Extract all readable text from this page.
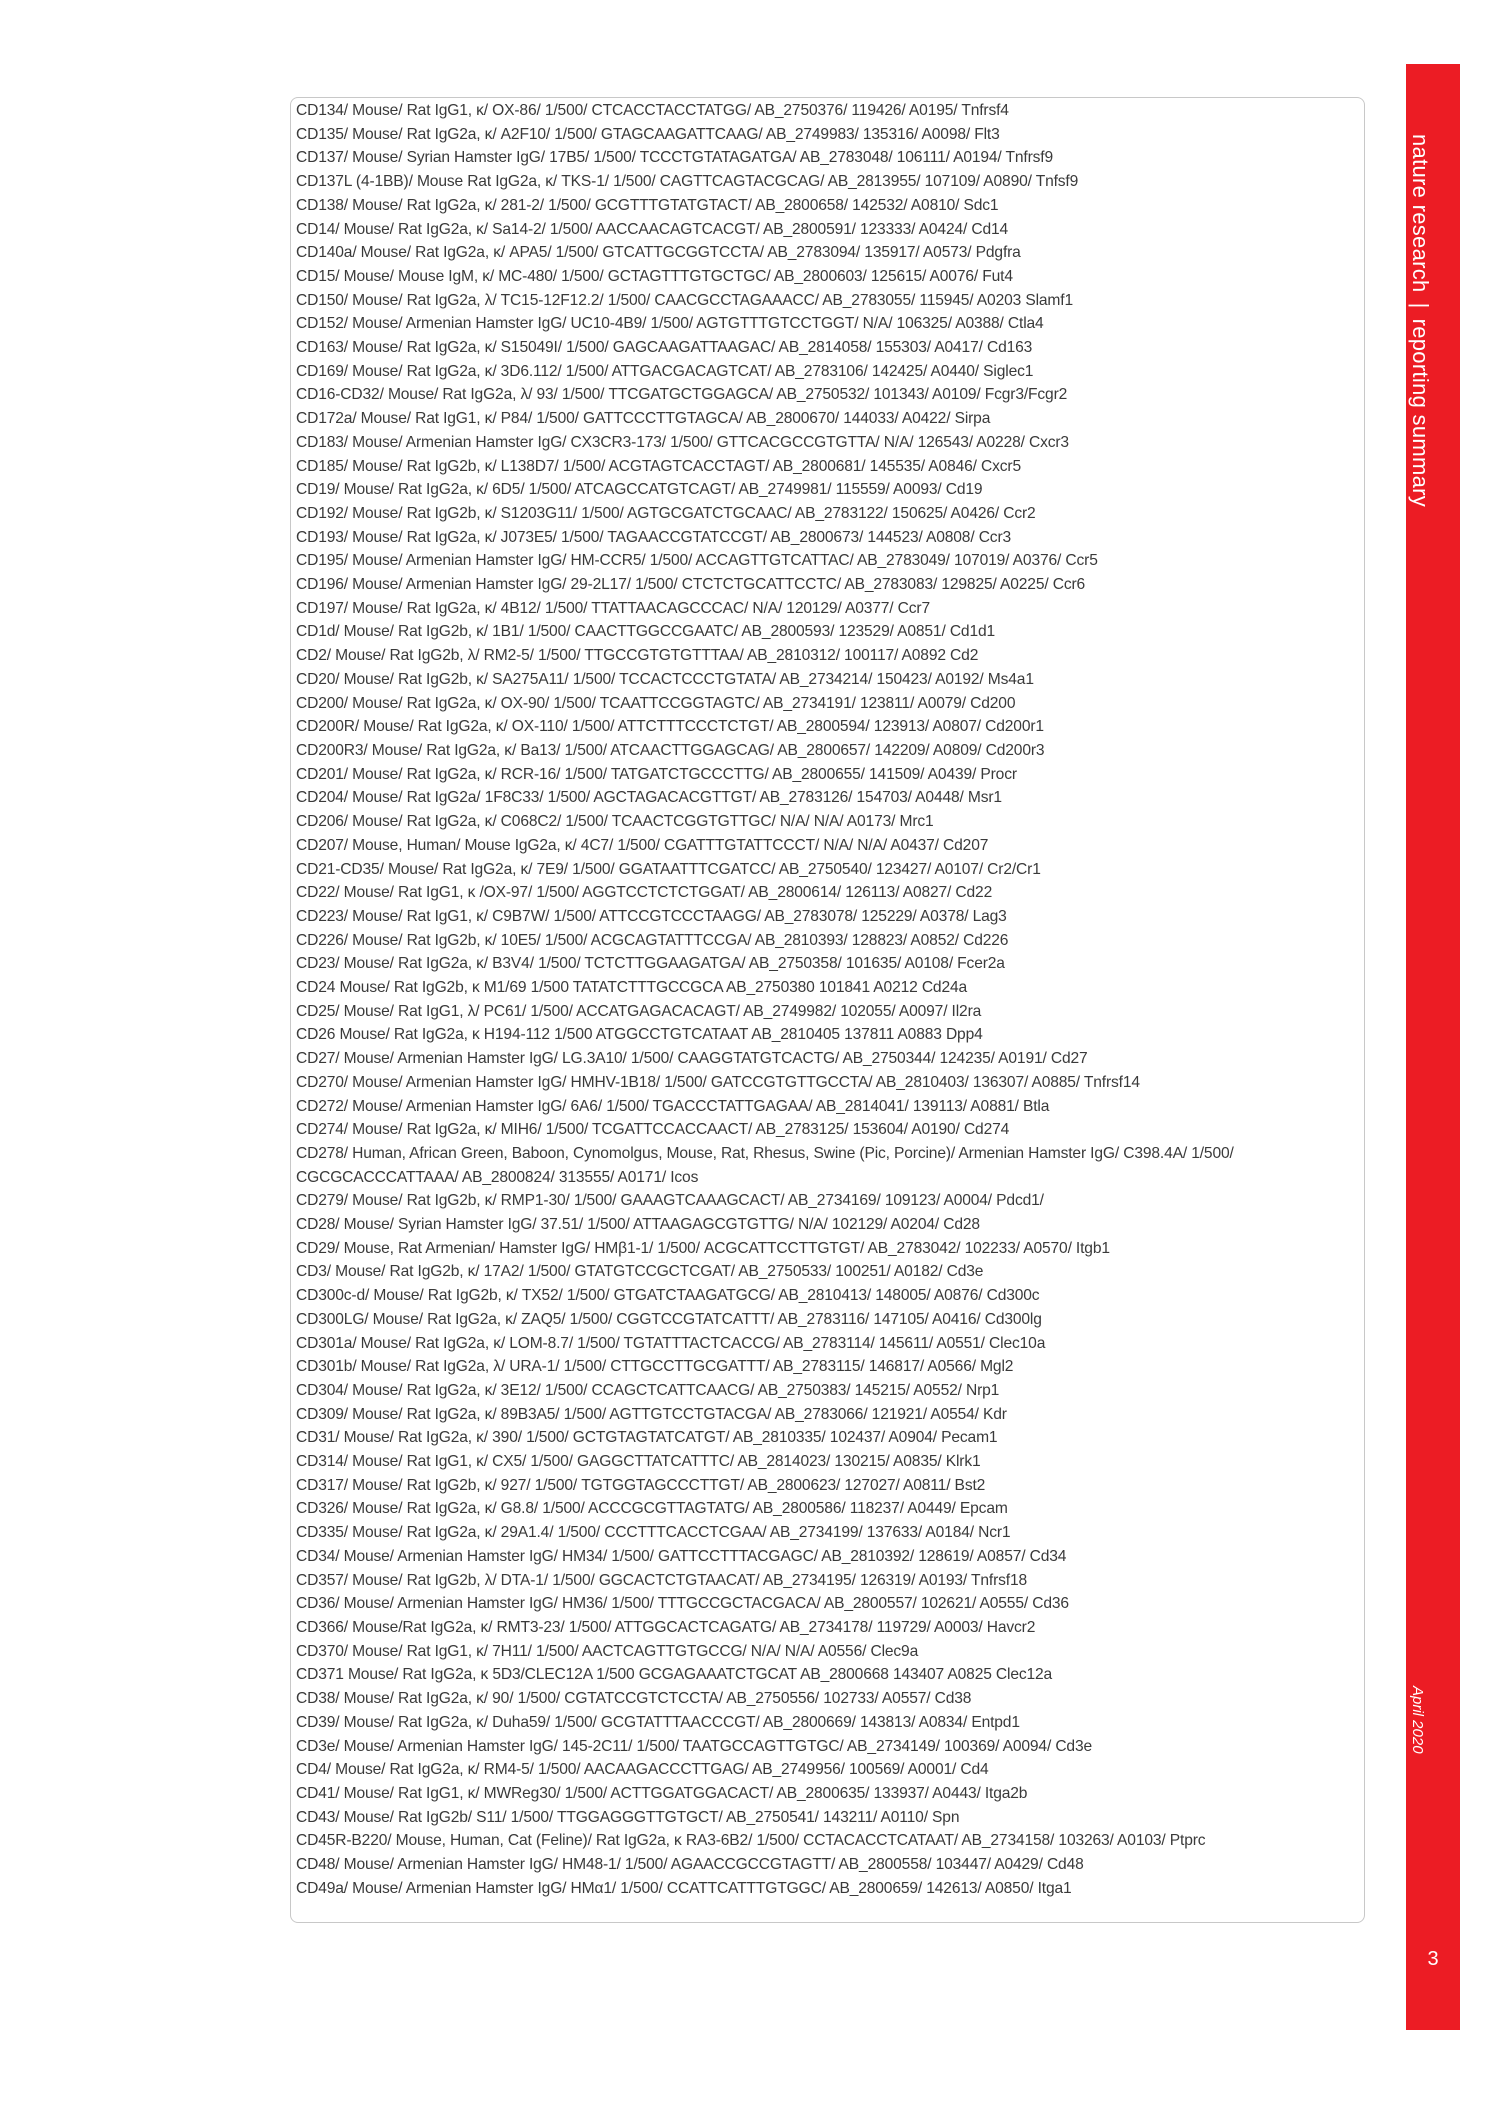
CD134/ Mouse/ Rat IgG1, κ/ OX-86/ 1/500/ CTCACCTACCTATGG/ AB_2750376/ 119426/ A0195/ Tnfrsf4
CD135/ Mouse/ Rat IgG2a, κ/ A2F10/ 1/500/ GTAGCAAGATTCAAG/ AB_2749983/ 135316/ A0098/ Flt3
CD137/ Mouse/ Syrian Hamster IgG/ 17B5/ 1/500/ TCCCTGTATAGATGA/ AB_2783048/ 106111/ A0194/ Tnfrsf9
CD137L (4-1BB)/ Mouse Rat IgG2a, κ/ TKS-1/ 1/500/ CAGTTCAGTACGCAG/ AB_2813955/ 107109/ A0890/ Tnfsf9
CD138/ Mouse/ Rat IgG2a, κ/ 281-2/ 1/500/ GCGTTTGTATGTACT/ AB_2800658/ 142532/ A0810/ Sdc1
CD14/ Mouse/ Rat IgG2a, κ/ Sa14-2/ 1/500/ AACCAACAGTCACGT/ AB_2800591/ 123333/ A0424/ Cd14
CD140a/ Mouse/ Rat IgG2a, κ/ APA5/ 1/500/ GTCATTGCGGTCCTA/ AB_2783094/ 135917/ A0573/ Pdgfra
CD15/ Mouse/ Mouse IgM, κ/ MC-480/ 1/500/ GCTAGTTTGTGCTGC/ AB_2800603/ 125615/ A0076/ Fut4
CD150/ Mouse/ Rat IgG2a, λ/ TC15-12F12.2/ 1/500/ CAACGCCTAGAAACC/ AB_2783055/ 115945/ A0203 Slamf1
CD152/ Mouse/ Armenian Hamster IgG/ UC10-4B9/ 1/500/ AGTGTTTGTCCTGGT/ N/A/ 106325/ A0388/ Ctla4
CD163/ Mouse/ Rat IgG2a, κ/ S15049I/ 1/500/ GAGCAAGATTAAGAC/ AB_2814058/ 155303/ A0417/ Cd163
CD169/ Mouse/ Rat IgG2a, κ/ 3D6.112/ 1/500/ ATTGACGACAGTCAT/ AB_2783106/ 142425/ A0440/ Siglec1
CD16-CD32/ Mouse/ Rat IgG2a, λ/ 93/ 1/500/ TTCGATGCTGGAGCA/ AB_2750532/ 101343/ A0109/ Fcgr3/Fcgr2
CD172a/ Mouse/ Rat IgG1, κ/ P84/ 1/500/ GATTCCCTTGTAGCA/ AB_2800670/ 144033/ A0422/ Sirpa
CD183/ Mouse/ Armenian Hamster IgG/ CX3CR3-173/ 1/500/ GTTCACGCCGTGTTA/ N/A/ 126543/ A0228/ Cxcr3
CD185/ Mouse/ Rat IgG2b, κ/ L138D7/ 1/500/ ACGTAGTCACCTAGT/ AB_2800681/ 145535/ A0846/ Cxcr5
CD19/ Mouse/ Rat IgG2a, κ/ 6D5/ 1/500/ ATCAGCCATGTCAGT/ AB_2749981/ 115559/ A0093/ Cd19
CD192/ Mouse/ Rat IgG2b, κ/ S1203G11/ 1/500/ AGTGCGATCTGCAAC/ AB_2783122/ 150625/ A0426/ Ccr2
CD193/ Mouse/ Rat IgG2a, κ/ J073E5/ 1/500/ TAGAACCGTATCCGT/ AB_2800673/ 144523/ A0808/ Ccr3
CD195/ Mouse/ Armenian Hamster IgG/ HM-CCR5/ 1/500/ ACCAGTTGTCATTAC/ AB_2783049/ 107019/ A0376/ Ccr5
CD196/ Mouse/ Armenian Hamster IgG/ 29-2L17/ 1/500/ CTCTCTGCATTCCTC/ AB_2783083/ 129825/ A0225/ Ccr6
CD197/ Mouse/ Rat IgG2a, κ/ 4B12/ 1/500/ TTATTAACAGCCCAC/ N/A/ 120129/ A0377/ Ccr7
CD1d/ Mouse/ Rat IgG2b, κ/ 1B1/ 1/500/ CAACTTGGCCGAATC/ AB_2800593/ 123529/ A0851/ Cd1d1
CD2/ Mouse/ Rat IgG2b, λ/ RM2-5/ 1/500/ TTGCCGTGTGTTTAA/ AB_2810312/ 100117/ A0892 Cd2
CD20/ Mouse/ Rat IgG2b, κ/ SA275A11/ 1/500/ TCCACTCCCTGTATA/ AB_2734214/ 150423/ A0192/ Ms4a1
CD200/ Mouse/ Rat IgG2a, κ/ OX-90/ 1/500/ TCAATTCCGGTAGTC/ AB_2734191/ 123811/ A0079/ Cd200
CD200R/ Mouse/ Rat IgG2a, κ/ OX-110/ 1/500/ ATTCTTTCCCTCTGT/ AB_2800594/ 123913/ A0807/ Cd200r1
CD200R3/ Mouse/ Rat IgG2a, κ/ Ba13/ 1/500/ ATCAACTTGGAGCAG/ AB_2800657/ 142209/ A0809/ Cd200r3
CD201/ Mouse/ Rat IgG2a, κ/ RCR-16/ 1/500/ TATGATCTGCCCTTG/ AB_2800655/ 141509/ A0439/ Procr
CD204/ Mouse/ Rat IgG2a/ 1F8C33/ 1/500/ AGCTAGACACGTTGT/ AB_2783126/ 154703/ A0448/ Msr1
CD206/ Mouse/ Rat IgG2a, κ/ C068C2/ 1/500/ TCAACTCGGTGTTGC/ N/A/ N/A/ A0173/ Mrc1
CD207/ Mouse, Human/ Mouse IgG2a, κ/ 4C7/ 1/500/ CGATTTGTATTCCCT/ N/A/ N/A/ A0437/ Cd207
CD21-CD35/ Mouse/ Rat IgG2a, κ/ 7E9/ 1/500/ GGATAATTTCGATCC/ AB_2750540/ 123427/ A0107/ Cr2/Cr1
CD22/ Mouse/ Rat IgG1, κ /OX-97/ 1/500/ AGGTCCTCTCTGGAT/ AB_2800614/ 126113/ A0827/ Cd22
CD223/ Mouse/ Rat IgG1, κ/ C9B7W/ 1/500/ ATTCCGTCCCTAAGG/ AB_2783078/ 125229/ A0378/ Lag3
CD226/ Mouse/ Rat IgG2b, κ/ 10E5/ 1/500/ ACGCAGTATTTCCGA/ AB_2810393/ 128823/ A0852/ Cd226
CD23/ Mouse/ Rat IgG2a, κ/ B3V4/ 1/500/ TCTCTTGGAAGATGA/ AB_2750358/ 101635/ A0108/ Fcer2a
CD24 Mouse/ Rat IgG2b, κ M1/69 1/500 TATATCTTTGCCGCA AB_2750380 101841 A0212 Cd24a
CD25/ Mouse/ Rat IgG1, λ/ PC61/ 1/500/ ACCATGAGACACAGT/ AB_2749982/ 102055/ A0097/ Il2ra
CD26 Mouse/ Rat IgG2a, κ H194-112 1/500 ATGGCCTGTCATAAT AB_2810405 137811 A0883 Dpp4
CD27/ Mouse/ Armenian Hamster IgG/ LG.3A10/ 1/500/ CAAGGTATGTCACTG/ AB_2750344/ 124235/ A0191/ Cd27
CD270/ Mouse/ Armenian Hamster IgG/ HMHV-1B18/ 1/500/ GATCCGTGTTGCCTA/ AB_2810403/ 136307/ A0885/ Tnfrsf14
CD272/ Mouse/ Armenian Hamster IgG/ 6A6/ 1/500/ TGACCCTATTGAGAA/ AB_2814041/ 139113/ A0881/ Btla
CD274/ Mouse/ Rat IgG2a, κ/ MIH6/ 1/500/ TCGATTCCACCAACT/ AB_2783125/ 153604/ A0190/ Cd274
CD278/ Human, African Green, Baboon, Cynomolgus, Mouse, Rat, Rhesus, Swine (Pic, Porcine)/ Armenian Hamster IgG/ C398.4A/ 1/500/ CGCGCACCCATTAAA/ AB_2800824/ 313555/ A0171/ Icos
CD279/ Mouse/ Rat IgG2b, κ/ RMP1-30/ 1/500/ GAAAGTCAAAGCACT/ AB_2734169/ 109123/ A0004/ Pdcd1/
CD28/ Mouse/ Syrian Hamster IgG/ 37.51/ 1/500/ ATTAAGAGCGTGTTG/ N/A/ 102129/ A0204/ Cd28
CD29/ Mouse, Rat Armenian/ Hamster IgG/ HMβ1-1/ 1/500/ ACGCATTCCTTGTGT/ AB_2783042/ 102233/ A0570/ Itgb1
CD3/ Mouse/ Rat IgG2b, κ/ 17A2/ 1/500/ GTATGTCCGCTCGAT/ AB_2750533/ 100251/ A0182/ Cd3e
CD300c-d/ Mouse/ Rat IgG2b, κ/ TX52/ 1/500/ GTGATCTAAGATGCG/ AB_2810413/ 148005/ A0876/ Cd300c
CD300LG/ Mouse/ Rat IgG2a, κ/ ZAQ5/ 1/500/ CGGTCCGTATCATTT/ AB_2783116/ 147105/ A0416/ Cd300lg
CD301a/ Mouse/ Rat IgG2a, κ/ LOM-8.7/ 1/500/ TGTATTTACTCACCG/ AB_2783114/ 145611/ A0551/ Clec10a
CD301b/ Mouse/ Rat IgG2a, λ/ URA-1/ 1/500/ CTTGCCTTGCGATTT/ AB_2783115/ 146817/ A0566/ Mgl2
CD304/ Mouse/ Rat IgG2a, κ/ 3E12/ 1/500/ CCAGCTCATTCAACG/ AB_2750383/ 145215/ A0552/ Nrp1
CD309/ Mouse/ Rat IgG2a, κ/ 89B3A5/ 1/500/ AGTTGTCCTGTACGA/ AB_2783066/ 121921/ A0554/ Kdr
CD31/ Mouse/ Rat IgG2a, κ/ 390/ 1/500/ GCTGTAGTATCATGT/ AB_2810335/ 102437/ A0904/ Pecam1
CD314/ Mouse/ Rat IgG1, κ/ CX5/ 1/500/ GAGGCTTATCATTTC/ AB_2814023/ 130215/ A0835/ Klrk1
CD317/ Mouse/ Rat IgG2b, κ/ 927/ 1/500/ TGTGGTAGCCCTTGT/ AB_2800623/ 127027/ A0811/ Bst2
CD326/ Mouse/ Rat IgG2a, κ/ G8.8/ 1/500/ ACCCGCGTTAGTATG/ AB_2800586/ 118237/ A0449/ Epcam
CD335/ Mouse/ Rat IgG2a, κ/ 29A1.4/ 1/500/ CCCTTTCACCTCGAA/ AB_2734199/ 137633/ A0184/ Ncr1
CD34/ Mouse/ Armenian Hamster IgG/ HM34/ 1/500/ GATTCCTTTACGAGC/ AB_2810392/ 128619/ A0857/ Cd34
CD357/ Mouse/ Rat IgG2b, λ/ DTA-1/ 1/500/ GGCACTCTGTAACAT/ AB_2734195/ 126319/ A0193/ Tnfrsf18
CD36/ Mouse/ Armenian Hamster IgG/ HM36/ 1/500/ TTTGCCGCTACGACA/ AB_2800557/ 102621/ A0555/ Cd36
CD366/ Mouse/Rat IgG2a, κ/ RMT3-23/ 1/500/ ATTGGCACTCAGATG/ AB_2734178/ 119729/ A0003/ Havcr2
CD370/ Mouse/ Rat IgG1, κ/ 7H11/ 1/500/ AACTCAGTTGTGCCG/ N/A/ N/A/ A0556/ Clec9a
CD371 Mouse/ Rat IgG2a, κ 5D3/CLEC12A 1/500 GCGAGAAATCTGCAT AB_2800668 143407 A0825 Clec12a
CD38/ Mouse/ Rat IgG2a, κ/ 90/ 1/500/ CGTATCCGTCTCCTA/ AB_2750556/ 102733/ A0557/ Cd38
CD39/ Mouse/ Rat IgG2a, κ/ Duha59/ 1/500/ GCGTATTTAACCCGT/ AB_2800669/ 143813/ A0834/ Entpd1
CD3e/ Mouse/ Armenian Hamster IgG/ 145-2C11/ 1/500/ TAATGCCAGTTGTGC/ AB_2734149/ 100369/ A0094/ Cd3e
CD4/ Mouse/ Rat IgG2a, κ/ RM4-5/ 1/500/ AACAAGACCCTTGAG/ AB_2749956/ 100569/ A0001/ Cd4
CD41/ Mouse/ Rat IgG1, κ/ MWReg30/ 1/500/ ACTTGGATGGACACT/ AB_2800635/ 133937/ A0443/ Itga2b
CD43/ Mouse/ Rat IgG2b/ S11/ 1/500/ TTGGAGGGTTGTGCT/ AB_2750541/ 143211/ A0110/ Spn
CD45R-B220/ Mouse, Human, Cat (Feline)/ Rat IgG2a, κ RA3-6B2/ 1/500/ CCTACACCTCATAAT/ AB_2734158/ 103263/ A0103/ Ptprc
CD48/ Mouse/ Armenian Hamster IgG/ HM48-1/ 1/500/ AGAACCGCCGTAGTT/ AB_2800558/ 103447/ A0429/ Cd48
CD49a/ Mouse/ Armenian Hamster IgG/ HMα1/ 1/500/ CCATTCATTTGTGGC/ AB_2800659/ 142613/ A0850/ Itga1
nature research|reporting summary
April 2020
3
